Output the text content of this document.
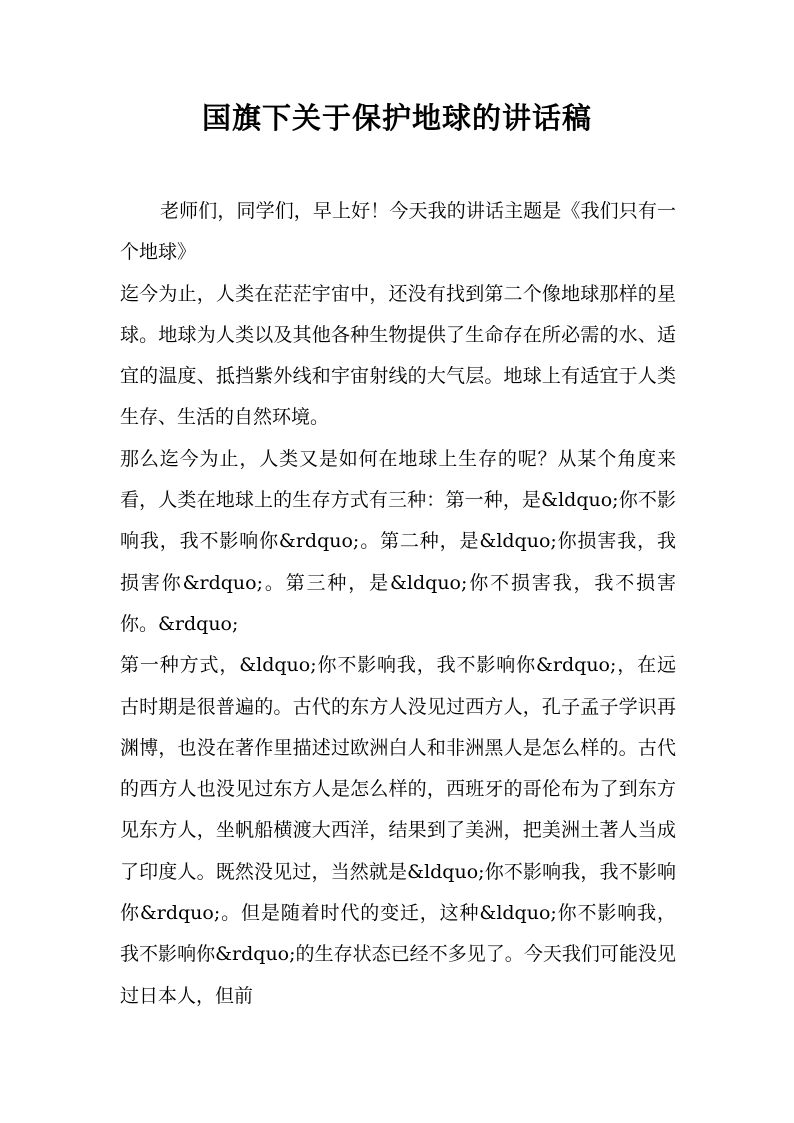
国旗下关于保护地球的讲话稿

老师们，同学们，早上好！今天我的讲话主题是《我们只有一个地球》

迄今为止，人类在茫茫宇宙中，还没有找到第二个像地球那样的星球。地球为人类以及其他各种生物提供了生命存在所必需的水、适宜的温度、抵挡紫外线和宇宙射线的大气层。地球上有适宜于人类生存、生活的自然环境。

那么迄今为止，人类又是如何在地球上生存的呢？从某个角度来看，人类在地球上的生存方式有三种：第一种，是&ldquo;你不影响我，我不影响你&rdquo;。第二种，是&ldquo;你损害我，我损害你&rdquo;。第三种，是&ldquo;你不损害我，我不损害你。&rdquo;

第一种方式，&ldquo;你不影响我，我不影响你&rdquo;，在远古时期是很普遍的。古代的东方人没见过西方人，孔子孟子学识再渊博，也没在著作里描述过欧洲白人和非洲黑人是怎么样的。古代的西方人也没见过东方人是怎么样的，西班牙的哥伦布为了到东方见东方人，坐帆船横渡大西洋，结果到了美洲，把美洲土著人当成了印度人。既然没见过，当然就是&ldquo;你不影响我，我不影响你&rdquo;。但是随着时代的变迁，这种&ldquo;你不影响我，我不影响你&rdquo;的生存状态已经不多见了。今天我们可能没见过日本人，但前
